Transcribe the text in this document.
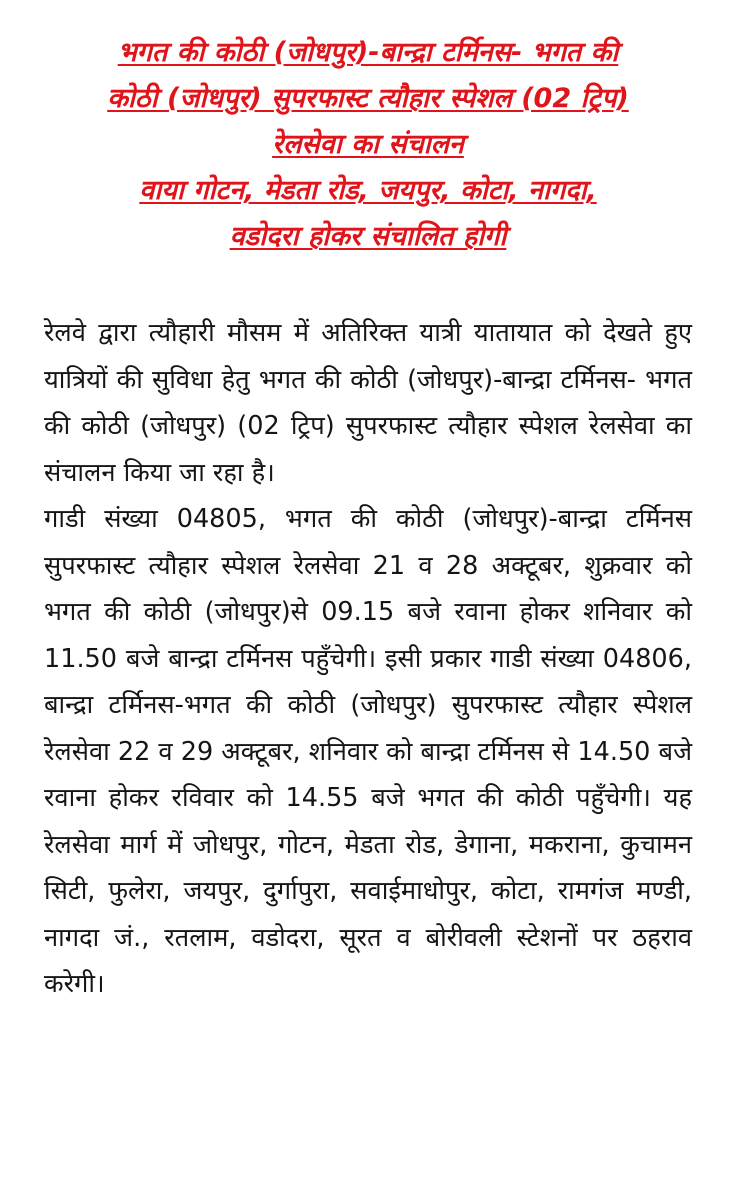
भगत की कोठी (जोधपुर)-बान्द्रा टर्मिनस- भगत की
कोठी (जोधपुर) सुपरफास्ट त्यौहार स्पेशल (02 ट्रिप)
रेलसेवा का संचालन
वाया गोटन, मेडता रोड, जयपुर, कोटा, नागदा,
वडोदरा होकर संचालित होगी

रेलवे द्वारा त्यौहारी मौसम में अतिरिक्त यात्री यातायात को देखते हुए यात्रियों की सुविधा हेतु भगत की कोठी (जोधपुर)-बान्द्रा टर्मिनस- भगत की कोठी (जोधपुर) (02 ट्रिप) सुपरफास्ट त्यौहार स्पेशल रेलसेवा का संचालन किया जा रहा है।

गाडी संख्या 04805, भगत की कोठी (जोधपुर)-बान्द्रा टर्मिनस सुपरफास्ट त्यौहार स्पेशल रेलसेवा 21 व 28 अक्टूबर, शुक्रवार को भगत की कोठी (जोधपुर)से 09.15 बजे रवाना होकर शनिवार को 11.50 बजे बान्द्रा टर्मिनस पहुँचेगी। इसी प्रकार गाडी संख्या 04806, बान्द्रा टर्मिनस-भगत की कोठी (जोधपुर) सुपरफास्ट त्यौहार स्पेशल रेलसेवा 22 व 29 अक्टूबर, शनिवार को बान्द्रा टर्मिनस से 14.50 बजे रवाना होकर रविवार को 14.55 बजे भगत की कोठी पहुँचेगी। यह रेलसेवा मार्ग में जोधपुर, गोटन, मेडता रोड, डेगाना, मकराना, कुचामन सिटी, फुलेरा, जयपुर, दुर्गापुरा, सवाईमाधोपुर, कोटा, रामगंज मण्डी, नागदा जं., रतलाम, वडोदरा, सूरत व बोरीवली स्टेशनों पर ठहराव करेगी।
